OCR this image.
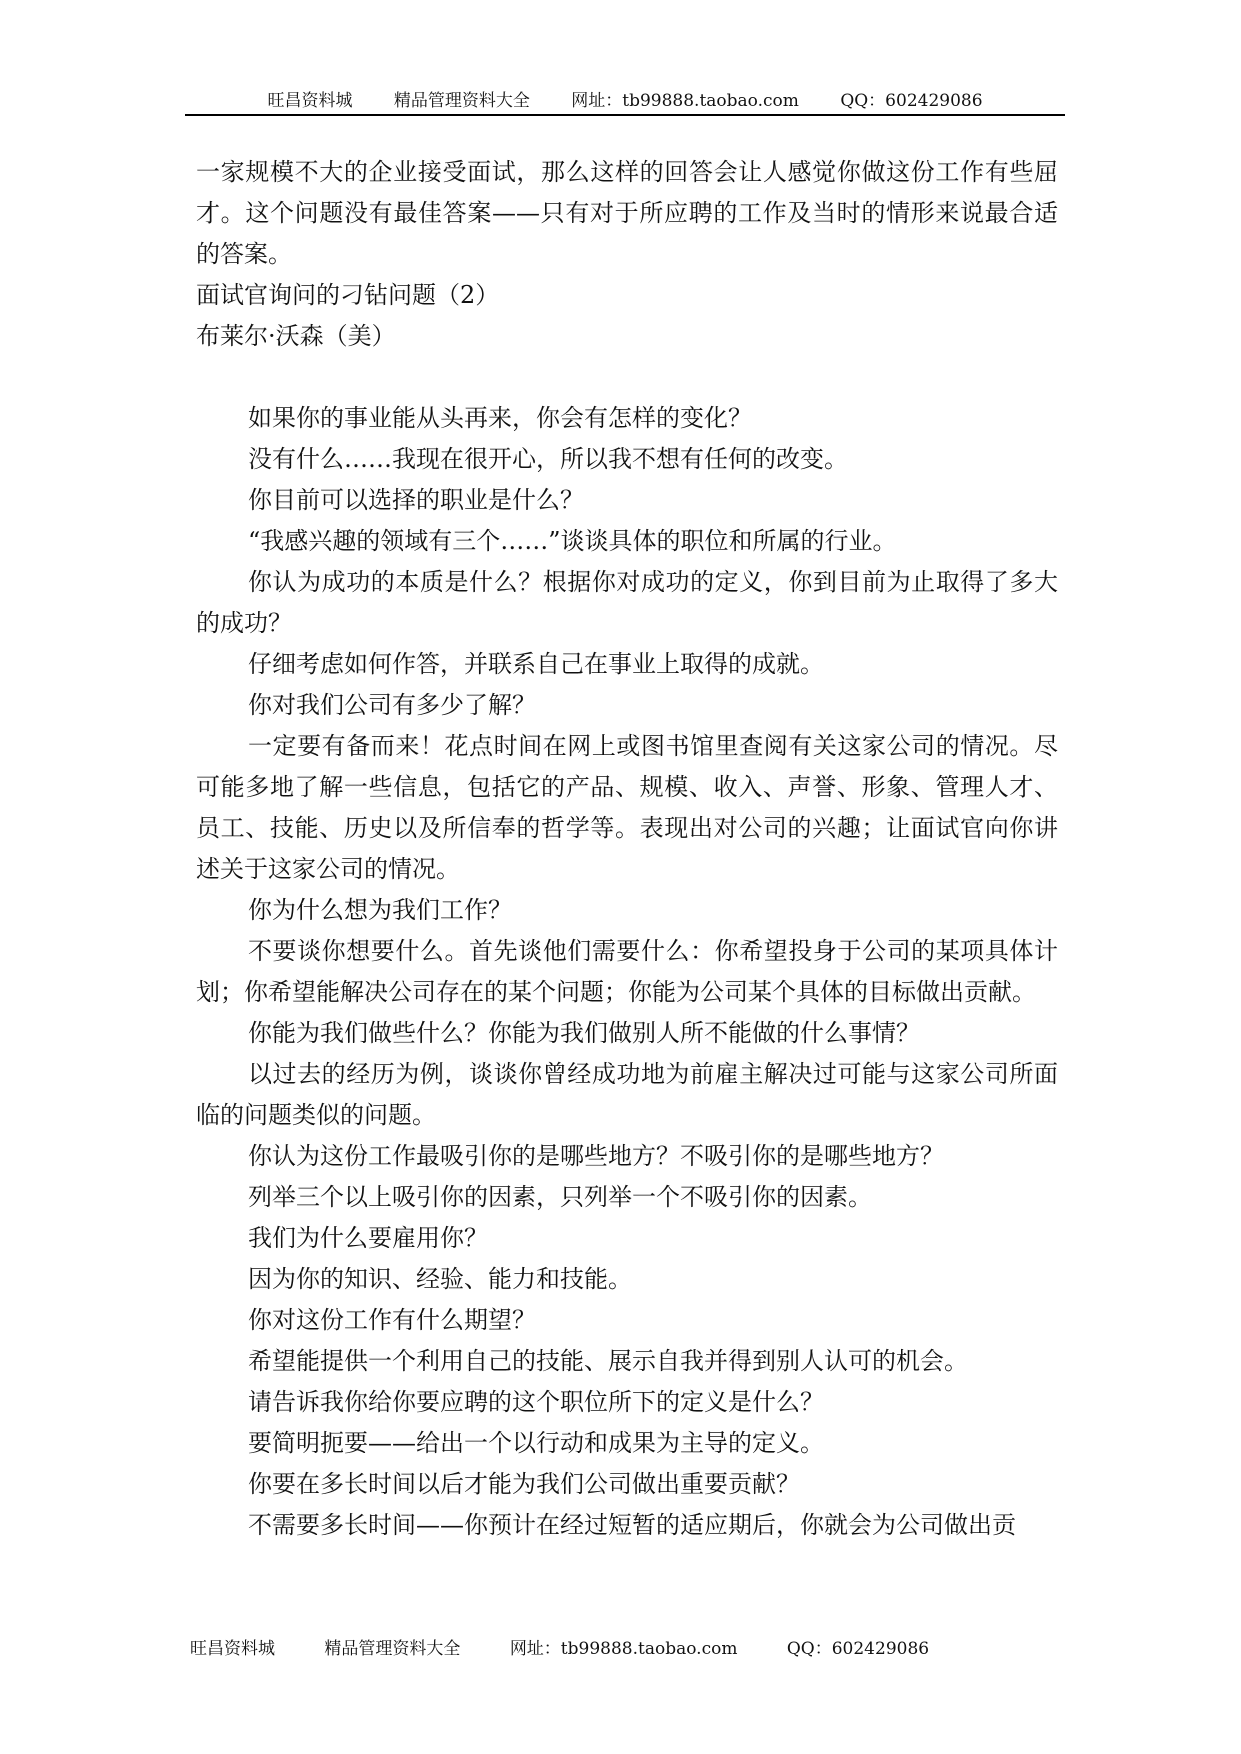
旺昌资料城 精品管理资料大全 网址：tb99888.taobao.com QQ：602429086

一家规模不大的企业接受面试，那么这样的回答会让人感觉你做这份工作有些屈才。这个问题没有最佳答案——只有对于所应聘的工作及当时的情形来说最合适的答案。

面试官询问的刁钻问题（2）

布莱尔·沃森（美）

如果你的事业能从头再来，你会有怎样的变化？

没有什么……我现在很开心，所以我不想有任何的改变。

你目前可以选择的职业是什么？

“我感兴趣的领域有三个……”谈谈具体的职位和所属的行业。

你认为成功的本质是什么？根据你对成功的定义，你到目前为止取得了多大的成功？

仔细考虑如何作答，并联系自己在事业上取得的成就。

你对我们公司有多少了解？

一定要有备而来！花点时间在网上或图书馆里查阅有关这家公司的情况。尽可能多地了解一些信息，包括它的产品、规模、收入、声誉、形象、管理人才、员工、技能、历史以及所信奉的哲学等。表现出对公司的兴趣；让面试官向你讲述关于这家公司的情况。

你为什么想为我们工作？

不要谈你想要什么。首先谈他们需要什么：你希望投身于公司的某项具体计划；你希望能解决公司存在的某个问题；你能为公司某个具体的目标做出贡献。

你能为我们做些什么？你能为我们做别人所不能做的什么事情？

以过去的经历为例，谈谈你曾经成功地为前雇主解决过可能与这家公司所面临的问题类似的问题。

你认为这份工作最吸引你的是哪些地方？不吸引你的是哪些地方？

列举三个以上吸引你的因素，只列举一个不吸引你的因素。

我们为什么要雇用你？

因为你的知识、经验、能力和技能。

你对这份工作有什么期望？

希望能提供一个利用自己的技能、展示自我并得到别人认可的机会。

请告诉我你给你要应聘的这个职位所下的定义是什么？

要简明扼要——给出一个以行动和成果为主导的定义。

你要在多长时间以后才能为我们公司做出重要贡献？

不需要多长时间——你预计在经过短暂的适应期后，你就会为公司做出贡

旺昌资料城	精品管理资料大全	网址：tb99888.taobao.com	QQ：602429086
